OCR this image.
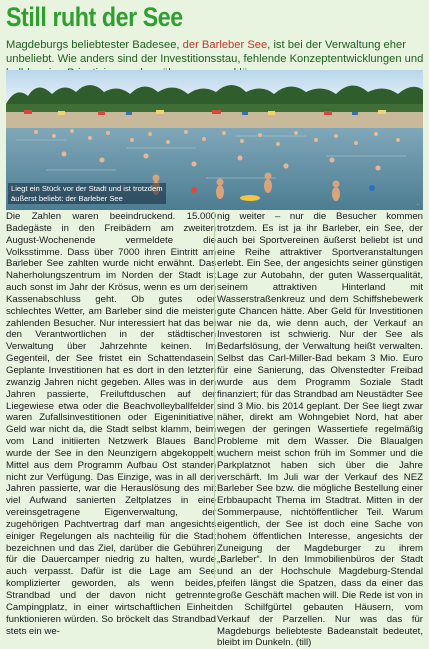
Still ruht der See

Magdeburgs beliebtester Badesee, der Barleber See, ist bei der Verwaltung eher unbeliebt. Wie anders sind der Investitionsstau, fehlende Konzeptentwicklungen und

·
Liegt ein Stück vor der Stadt und ist trotzdem
äußerst beliebt: der Barleber See

Die Zahlen waren beeindruckend. 15.000 Badegäste in den Freibädern am zweiten August-Wochenende vermeldete die Volksstimme. Dass über 7000 ihren Eintritt am Barleber See zahlten wurde nicht erwähnt. Das Naherholungszentrum im Norden der Stadt ist auch sonst im Jahr der Krösus, wenn es um den Kassenabschluss geht. Ob gutes oder schlechtes Wetter, am Barleber sind die meisten zahlenden Besucher. Nur interessiert hat das bei den Verantwortlichen in der städtischen Verwaltung über Jahrzehnte keinen. Im Gegenteil, der See fristet ein Schattendasein. Geplante Investitionen hat es dort in den letzten zwanzig Jahren nicht gegeben. Alles was in den Jahren passierte, Freiluftduschen auf der Liegewiese etwa oder die Beachvolleyballfelder, waren Zufallsinvestitionen oder Eigeninitiative. Geld war nicht da, die Stadt selbst klamm, beim vom Land initiierten Netzwerk Blaues Band wurde der See in den Neunzigern abgekoppelt, Mittel aus dem Programm Aufbau Ost standen nicht zur Verfügung. Das Einzige, was in all den Jahren passierte, war die Herauslösung des mit viel Aufwand sanierten Zeltplatzes in eine vereinsgetragene Eigenverwaltung, der zugehörigen Pachtvertrag darf man angesichts einiger Regelungen als nachteilig für die Stadt bezeichnen und das Ziel, darüber die Gebühren für die Dauercamper niedrig zu halten, wurde auch verpasst. Dafür ist die Lage am See komplizierter geworden, als wenn beides, Strandbad und der davon nicht getrennte Campingplatz, in einer wirtschaftlichen Einheit funktionieren würden. So bröckelt das Strandbad stets ein we-

nig weiter – nur die Besucher kommen trotzdem. Es ist ja ihr Barleber, ein See, der auch bei Sportvereinen äußerst beliebt ist und eine Reihe attraktiver Sportveranstaltungen erlebt. Ein See, der angesichts seiner günstigen Lage zur Autobahn, der guten Wasserqualität, seinem attraktiven Hinterland mit Wasserstraßenkreuz und dem Schiffshebewerk gute Chancen hätte. Aber Geld für Investitionen war nie da, wie denn auch, der Verkauf an Investoren ist schwierig. Nur der See als Bedarfslösung, der Verwaltung heißt verwalten. Selbst das Carl-Miller-Bad bekam 3 Mio. Euro für eine Sanierung, das Olvenstedter Freibad wurde aus dem Programm Soziale Stadt finanziert; für das Strandbad am Neustädter See sind 3 Mio. bis 2014 geplant. Der See liegt zwar näher, direkt am Wohngebiet Nord, hat aber wegen der geringen Wassertiefe regelmäßig Probleme mit dem Wasser. Die Blaualgen wuchern meist schon früh im Sommer und die Parkplatznot haben sich über die Jahre verschärft. Im Juli war der Verkauf des NEZ Barleber See bzw. die mögliche Bestellung einer Erbbaupacht Thema im Stadtrat. Mitten in der Sommerpause, nichtöffentlicher Teil. Warum eigentlich, der See ist doch eine Sache von hohem öffentlichen Interesse, angesichts der Zuneigung der Magdeburger zu ihrem „Barleber“. In den Immobilienbüros der Stadt und an der Hochschule Magdeburg-Stendal pfeifen längst die Spatzen, dass da einer das große Geschäft machen will. Die Rede ist von in den Schilfgürtel gebauten Häusern, vom Verkauf der Parzellen. Nur was das für Magdeburgs beliebteste Badeanstalt bedeutet, bleibt im Dunkeln. (till)
